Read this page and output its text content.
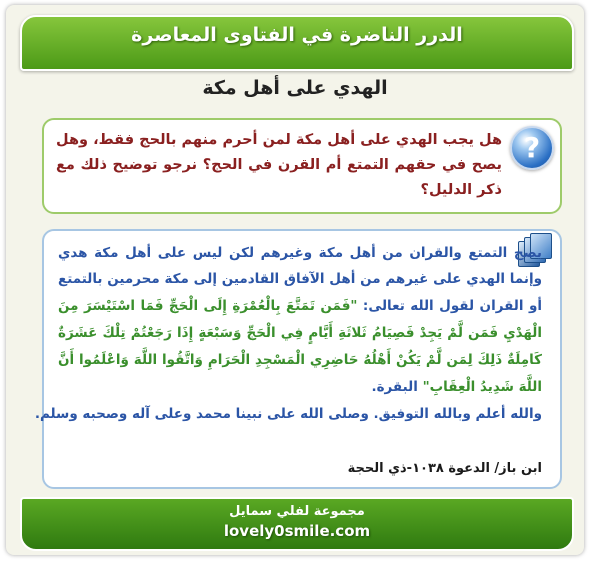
الدرر الناضرة في الفتاوى المعاصرة
الهدي على أهل مكة
?
هل يجب الهدي على أهل مكة لمن أحرم منهم بالحج فقط، وهل يصح في حقهم التمتع أم القرن في الحج؟ نرجو توضيح ذلك مع ذكر الدليل؟
يصح التمتع والقران من أهل مكة وغيرهم لكن ليس على أهل مكة هدي
وإنما الهدي على غيرهم من أهل الآفاق القادمين إلى مكة محرمين بالتمتع
أو القران لقول الله تعالى: "فَمَن تَمَتَّعَ بِالْعُمْرَةِ إِلَى الْحَجِّ فَمَا اسْتَيْسَرَ مِنَ
الْهَدْيِ فَمَن لَّمْ يَجِدْ فَصِيَامُ ثَلاثَةِ أَيَّامٍ فِي الْحَجِّ وَسَبْعَةٍ إِذَا رَجَعْتُمْ تِلْكَ عَشَرَةٌ
كَامِلَةٌ ذَلِكَ لِمَن لَّمْ يَكُنْ أَهْلُهُ حَاضِرِي الْمَسْجِدِ الْحَرَامِ وَاتَّقُوا اللَّهَ وَاعْلَمُوا أَنَّ
اللَّهَ شَدِيدُ الْعِقَابِ" البقرة.
والله أعلم وبالله التوفيق. وصلى الله على نبينا محمد وعلى آله وصحبه وسلم.
ابن باز/ الدعوة ١٠٣٨-ذي الحجة
مجموعة لفلي سمايل
lovely0smile.com
